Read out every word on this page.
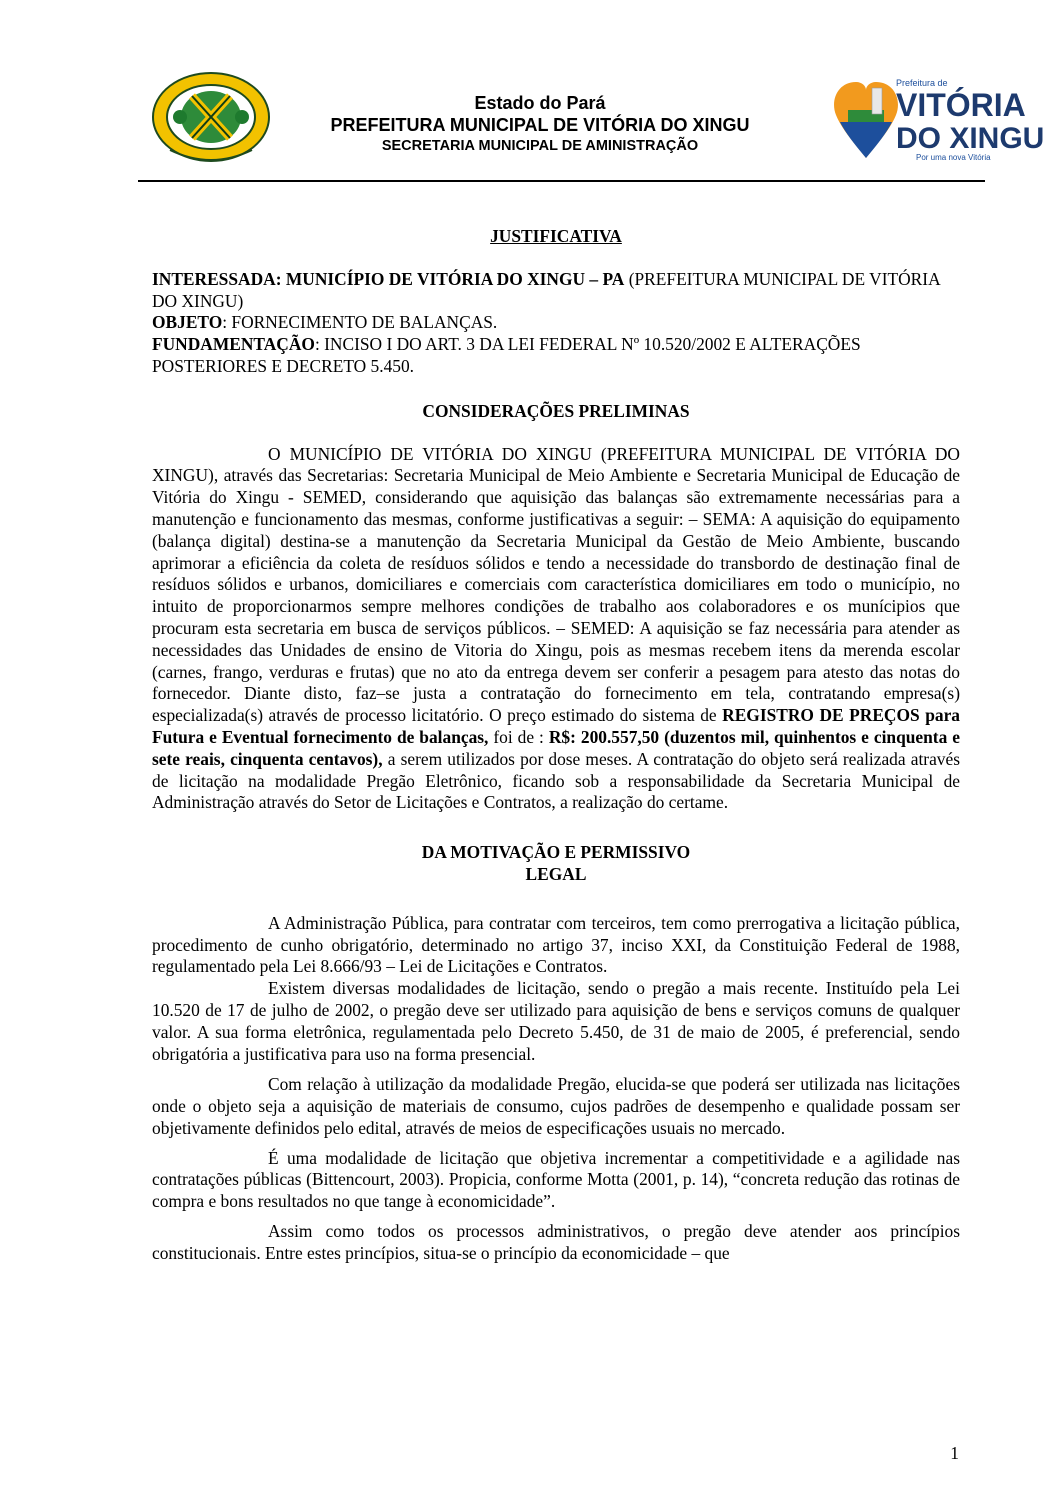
Estado do Pará
PREFEITURA MUNICIPAL DE VITÓRIA DO XINGU
SECRETARIA MUNICIPAL DE AMINISTRAÇÃO
Prefeitura de
VITÓRIA
DO XINGU
Por uma nova Vitória

JUSTIFICATIVA

INTERESSADA: MUNICÍPIO DE VITÓRIA DO XINGU – PA (PREFEITURA MUNICIPAL DE VITÓRIA DO XINGU)

OBJETO: FORNECIMENTO DE BALANÇAS.

FUNDAMENTAÇÃO: INCISO I DO ART. 3 DA LEI FEDERAL Nº 10.520/2002 E ALTERAÇÕES POSTERIORES E DECRETO 5.450.

CONSIDERAÇÕES PRELIMINAS

O MUNICÍPIO DE VITÓRIA DO XINGU (PREFEITURA MUNICIPAL DE VITÓRIA DO XINGU), através das Secretarias: Secretaria Municipal de Meio Ambiente e Secretaria Municipal de Educação de Vitória do Xingu - SEMED, considerando que aquisição das balanças são extremamente necessárias para a manutenção e funcionamento das mesmas, conforme justificativas a seguir: – SEMA: A aquisição do equipamento (balança digital) destina-se a manutenção da Secretaria Municipal da Gestão de Meio Ambiente, buscando aprimorar a eficiência da coleta de resíduos sólidos e tendo a necessidade do transbordo de destinação final de resíduos sólidos e urbanos, domiciliares e comerciais com característica domiciliares em todo o município, no intuito de proporcionarmos sempre melhores condições de trabalho aos colaboradores e os munícipios que procuram esta secretaria em busca de serviços públicos. – SEMED: A aquisição se faz necessária para atender as necessidades das Unidades de ensino de Vitoria do Xingu, pois as mesmas recebem itens da merenda escolar (carnes, frango, verduras e frutas) que no ato da entrega devem ser conferir a pesagem para atesto das notas do fornecedor. Diante disto, faz–se justa a contratação do fornecimento em tela, contratando empresa(s) especializada(s) através de processo licitatório. O preço estimado do sistema de REGISTRO DE PREÇOS para Futura e Eventual fornecimento de balanças, foi de : R$: 200.557,50 (duzentos mil, quinhentos e cinquenta e sete reais, cinquenta centavos), a serem utilizados por dose meses. A contratação do objeto será realizada através de licitação na modalidade Pregão Eletrônico, ficando sob a responsabilidade da Secretaria Municipal de Administração através do Setor de Licitações e Contratos, a realização do certame.

DA MOTIVAÇÃO E PERMISSIVO
LEGAL

A Administração Pública, para contratar com terceiros, tem como prerrogativa a licitação pública, procedimento de cunho obrigatório, determinado no artigo 37, inciso XXI, da Constituição Federal de 1988, regulamentado pela Lei 8.666/93 – Lei de Licitações e Contratos.

Existem diversas modalidades de licitação, sendo o pregão a mais recente. Instituído pela Lei 10.520 de 17 de julho de 2002, o pregão deve ser utilizado para aquisição de bens e serviços comuns de qualquer valor. A sua forma eletrônica, regulamentada pelo Decreto 5.450, de 31 de maio de 2005, é preferencial, sendo obrigatória a justificativa para uso na forma presencial.

Com relação à utilização da modalidade Pregão, elucida-se que poderá ser utilizada nas licitações onde o objeto seja a aquisição de materiais de consumo, cujos padrões de desempenho e qualidade possam ser objetivamente definidos pelo edital, através de meios de especificações usuais no mercado.

É uma modalidade de licitação que objetiva incrementar a competitividade e a agilidade nas contratações públicas (Bittencourt, 2003). Propicia, conforme Motta (2001, p. 14), “concreta redução das rotinas de compra e bons resultados no que tange à economicidade”.

Assim como todos os processos administrativos, o pregão deve atender aos princípios constitucionais. Entre estes princípios, situa-se o princípio da economicidade – que

1
